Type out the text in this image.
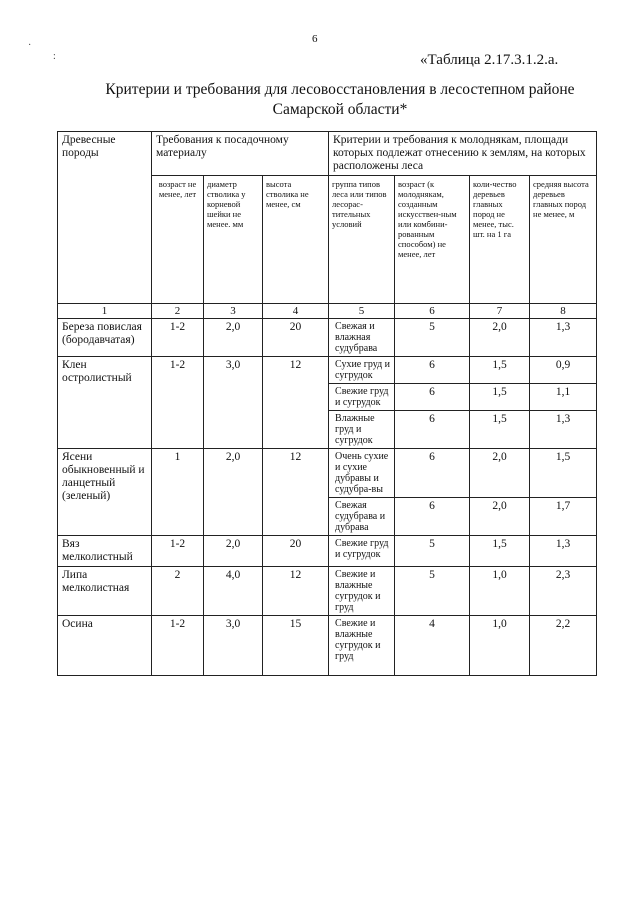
·
:
6
«Таблица 2.17.3.1.2.а.
Критерии и требования для лесовосстановления в лесостепном районе
Самарской области*
Древесные породы	Требования к посадочному материалу			Критерии и требования к молоднякам, площади которых подлежат отнесению к землям, на которых расположены леса			
	возраст не менее, лет	диаметр стволика у корневой шейки не менее. мм	высота стволика не менее, см	группа типов леса или типов лесорас-тительных условий	возраст (к молоднякам, созданным искусствен-ным или комбини-рованным способом) не менее, лет	коли-чество деревьев главных пород не менее, тыс. шт. на 1 га	средняя высота деревьев главных пород не менее, м
1	2	3	4	5	6	7	8
Береза повислая (бородавчатая)	1-2	2,0	20	Свежая и влажная судубрава	5	2,0	1,3
Клен остролистный	1-2	3,0	12	Сухие груд и сугрудок	6	1,5	0,9
				Свежие груд и сугрудок	6	1,5	1,1
				Влажные груд и сугрудок	6	1,5	1,3
Ясени обыкновенный и ланцетный (зеленый)	1	2,0	12	Очень сухие и сухие дубравы и судубра-вы	6	2,0	1,5
				Свежая судубрава и дубрава	6	2,0	1,7
Вяз мелколистный	1-2	2,0	20	Свежие груд и сугрудок	5	1,5	1,3
Липа мелколистная	2	4,0	12	Свежие и влажные сугрудок и груд	5	1,0	2,3
Осина	1-2	3,0	15	Свежие и влажные сугрудок и груд	4	1,0	2,2
